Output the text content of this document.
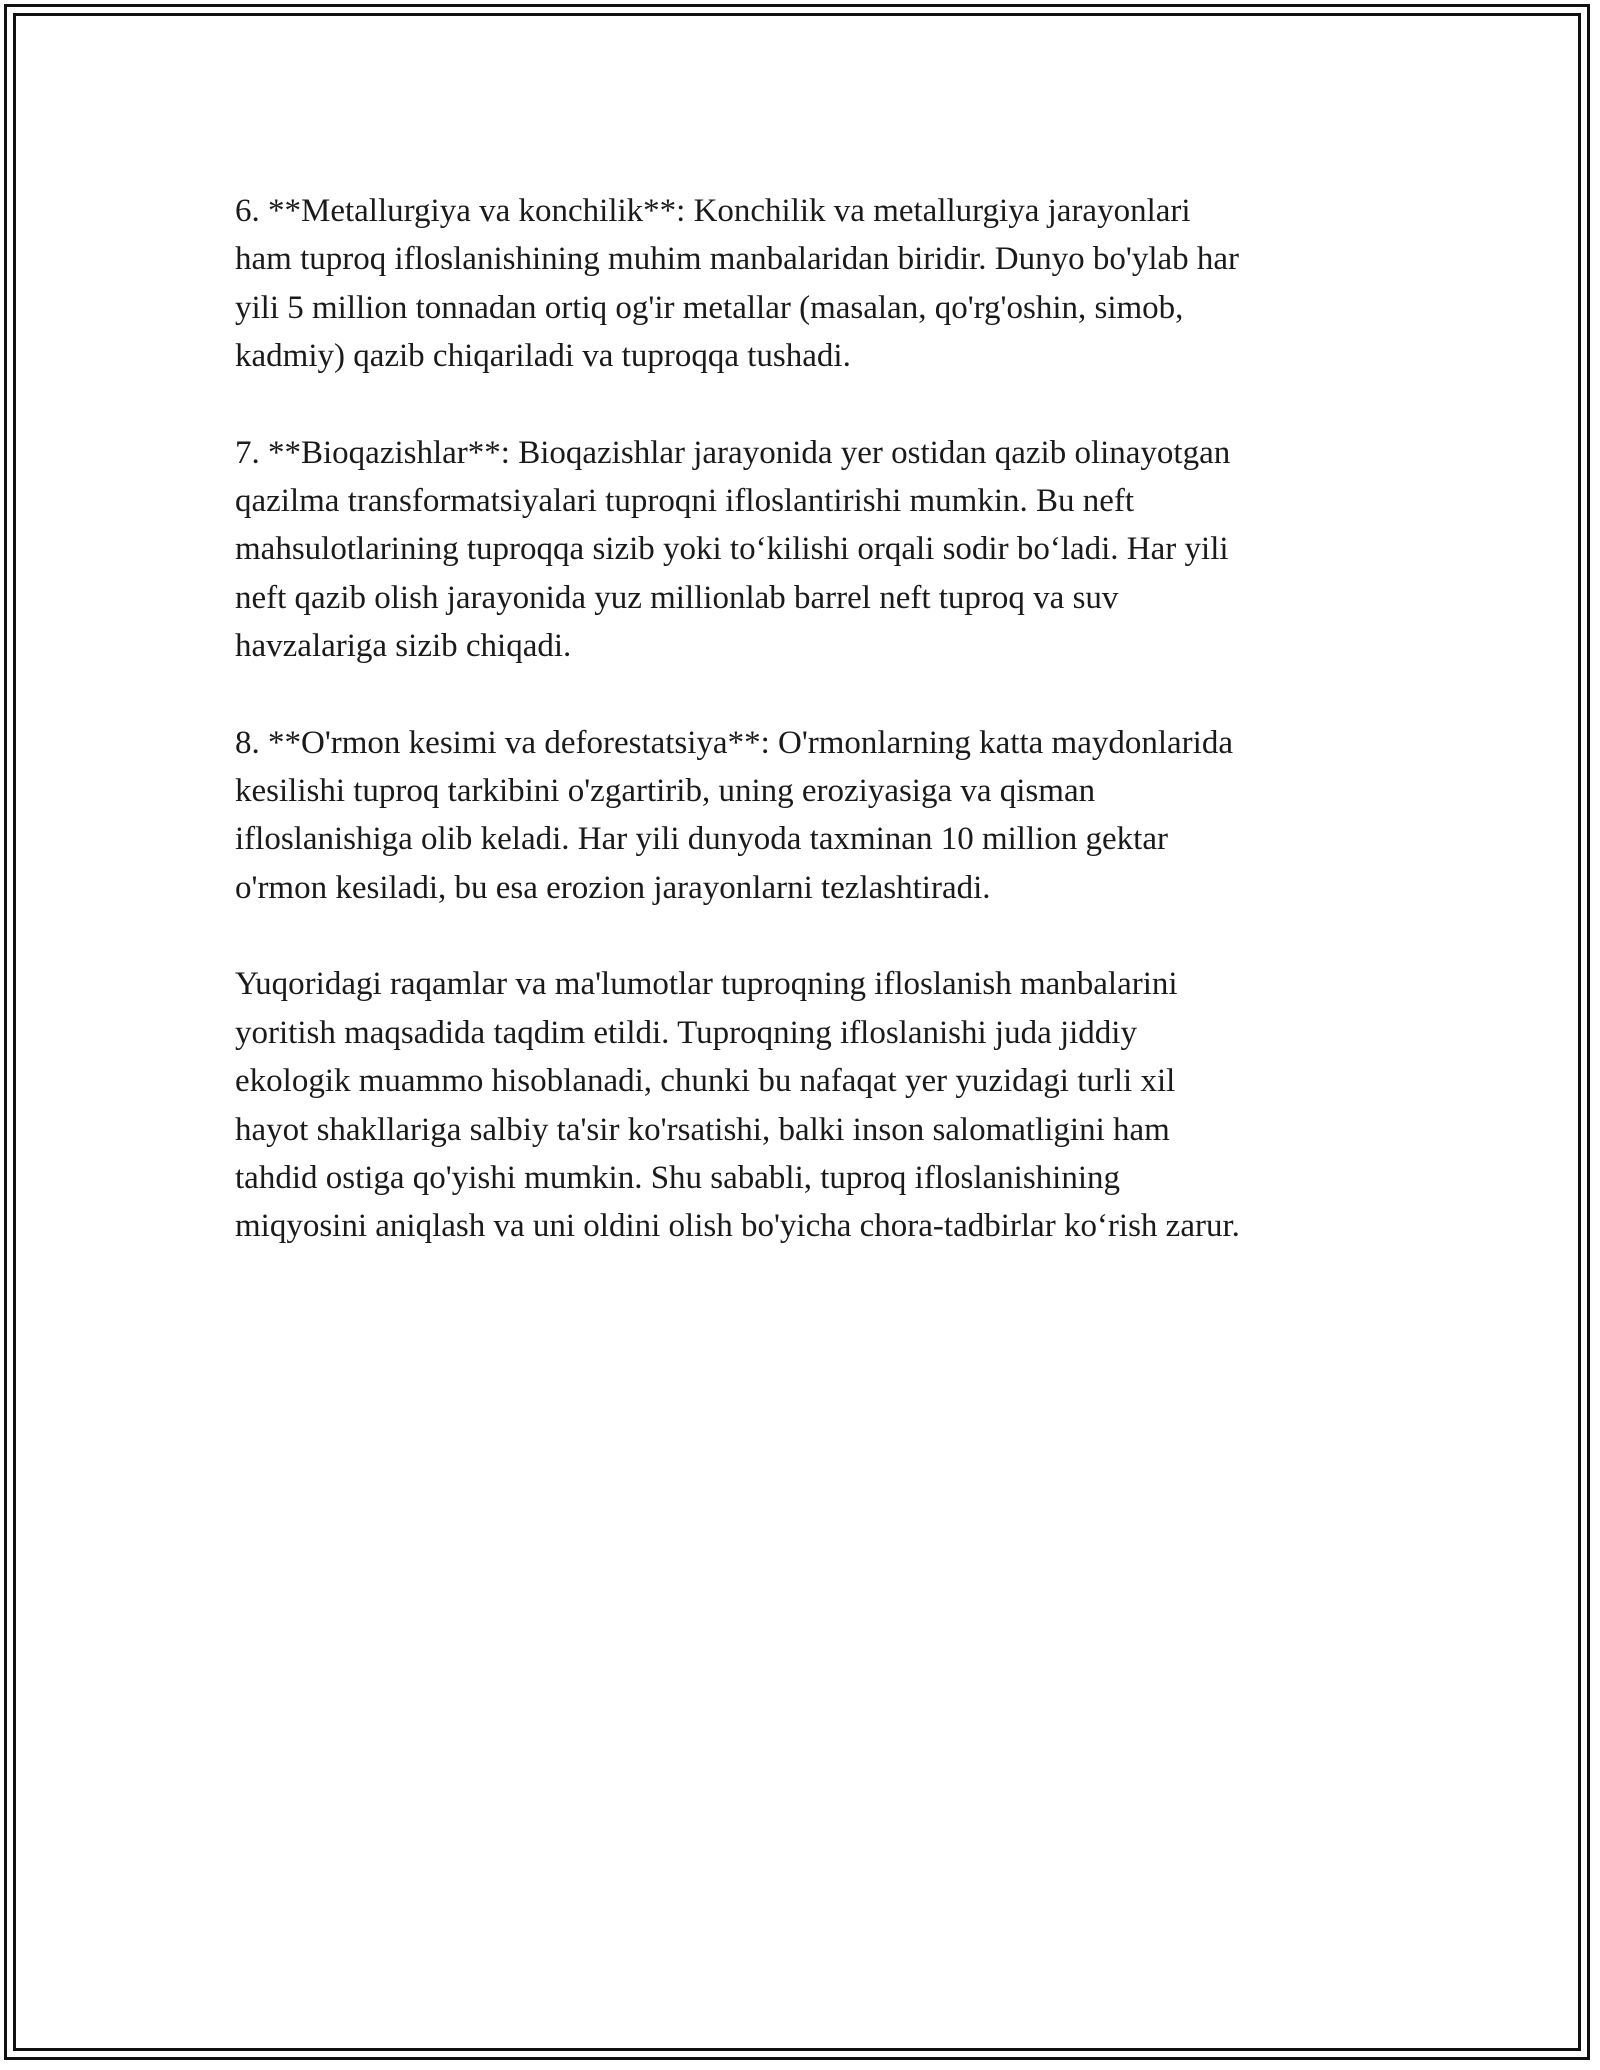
6. **Metallurgiya va konchilik**: Konchilik va metallurgiya jarayonlari
ham tuproq ifloslanishining muhim manbalaridan biridir. Dunyo bo'ylab har
yili 5 million tonnadan ortiq og'ir metallar (masalan, qo'rg'oshin, simob,
kadmiy) qazib chiqariladi va tuproqqa tushadi.

7. **Bioqazishlar**: Bioqazishlar jarayonida yer ostidan qazib olinayotgan
qazilma transformatsiyalari tuproqni ifloslantirishi mumkin. Bu neft
mahsulotlarining tuproqqa sizib yoki to‘kilishi orqali sodir bo‘ladi. Har yili
neft qazib olish jarayonida yuz millionlab barrel neft tuproq va suv
havzalariga sizib chiqadi.

8. **O'rmon kesimi va deforestatsiya**: O'rmonlarning katta maydonlarida
kesilishi tuproq tarkibini o'zgartirib, uning eroziyasiga va qisman
ifloslanishiga olib keladi. Har yili dunyoda taxminan 10 million gektar
o'rmon kesiladi, bu esa erozion jarayonlarni tezlashtiradi.

Yuqoridagi raqamlar va ma'lumotlar tuproqning ifloslanish manbalarini
yoritish maqsadida taqdim etildi. Tuproqning ifloslanishi juda jiddiy
ekologik muammo hisoblanadi, chunki bu nafaqat yer yuzidagi turli xil
hayot shakllariga salbiy ta'sir ko'rsatishi, balki inson salomatligini ham
tahdid ostiga qo'yishi mumkin. Shu sababli, tuproq ifloslanishining
miqyosini aniqlash va uni oldini olish bo'yicha chora-tadbirlar ko‘rish zarur.
